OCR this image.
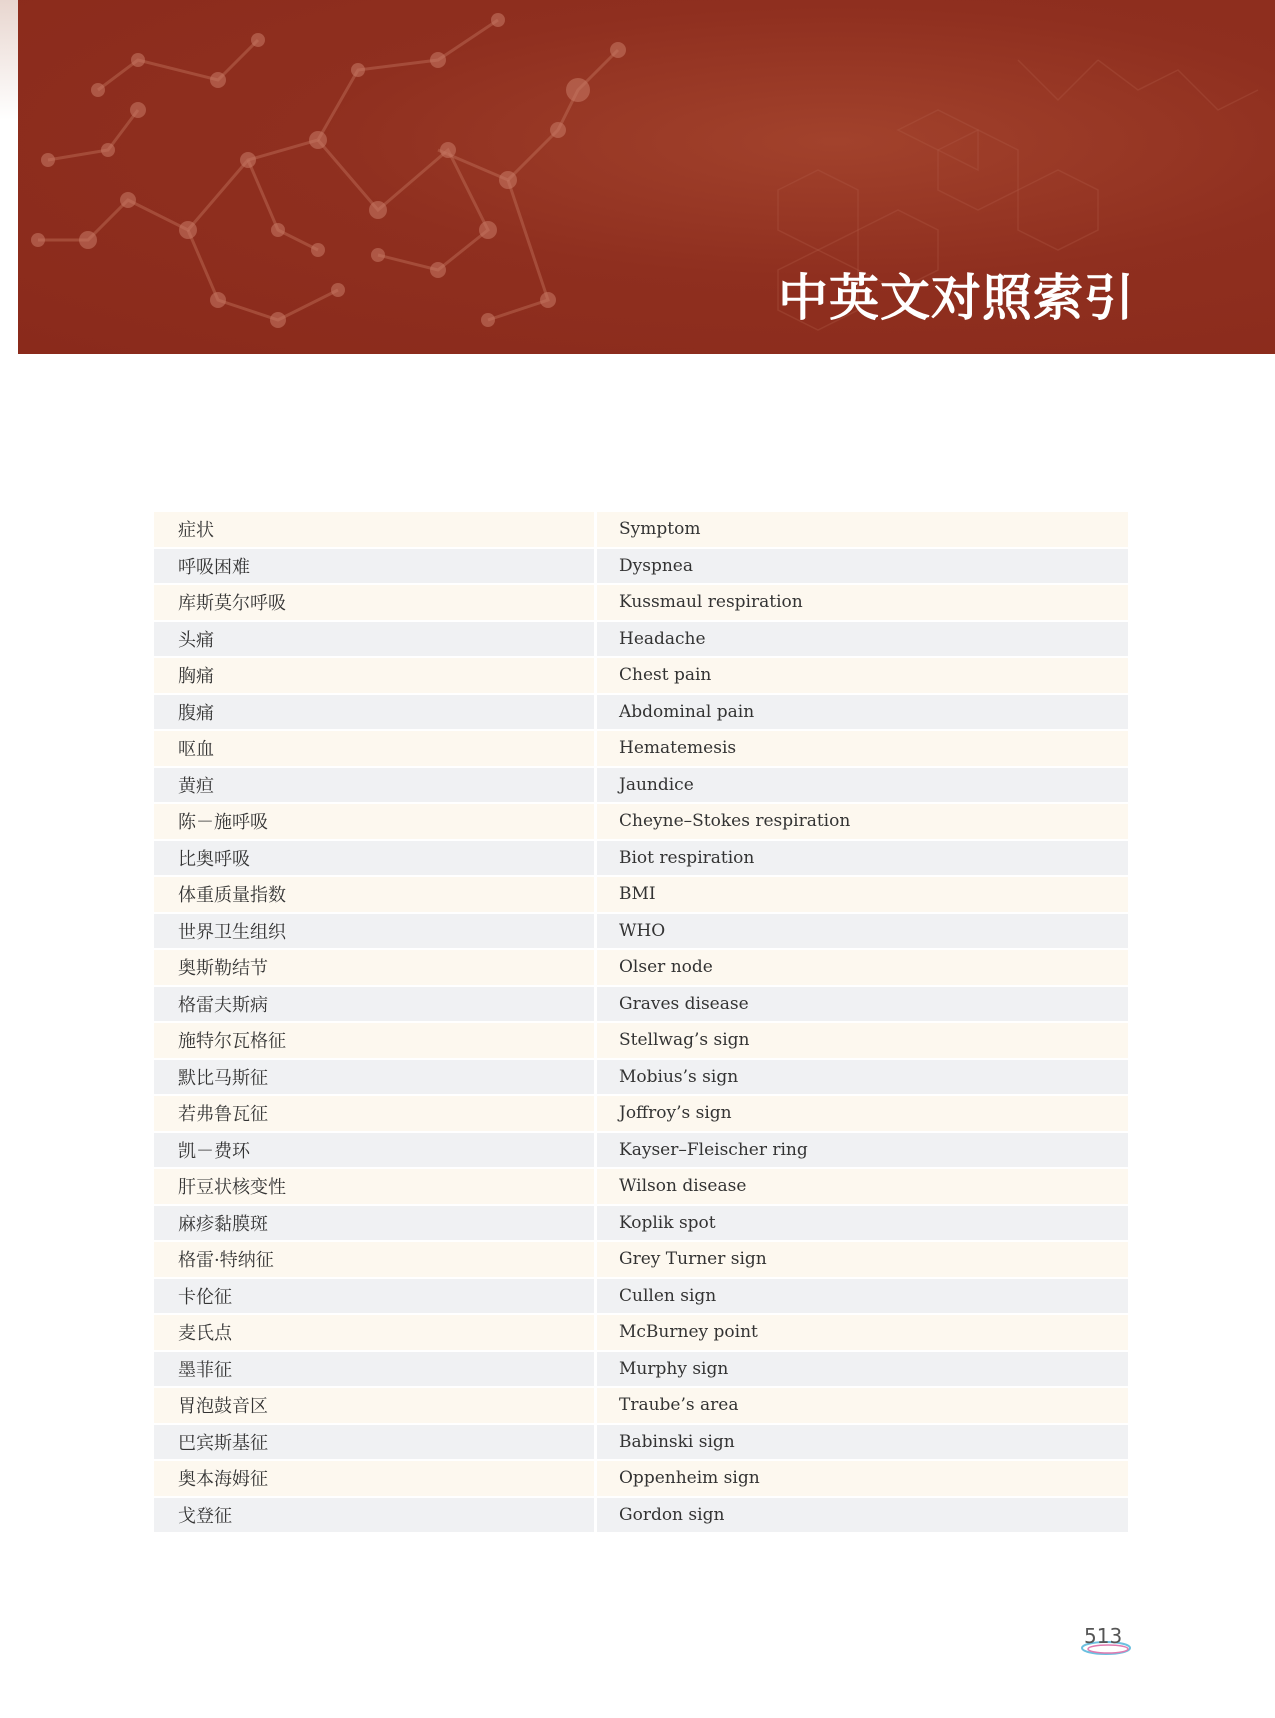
中英文对照索引
症状	Symptom
呼吸困难	Dyspnea
库斯莫尔呼吸	Kussmaul respiration
头痛	Headache
胸痛	Chest pain
腹痛	Abdominal pain
呕血	Hematemesis
黄疸	Jaundice
陈－施呼吸	Cheyne–Stokes respiration
比奥呼吸	Biot respiration
体重质量指数	BMI
世界卫生组织	WHO
奥斯勒结节	Olser node
格雷夫斯病	Graves disease
施特尔瓦格征	Stellwag’s sign
默比马斯征	Mobius’s sign
若弗鲁瓦征	Joffroy’s sign
凯－费环	Kayser–Fleischer ring
肝豆状核变性	Wilson disease
麻疹黏膜斑	Koplik spot
格雷·特纳征	Grey Turner sign
卡伦征	Cullen sign
麦氏点	McBurney point
墨菲征	Murphy sign
胃泡鼓音区	Traube’s area
巴宾斯基征	Babinski sign
奥本海姆征	Oppenheim sign
戈登征	Gordon sign
513
